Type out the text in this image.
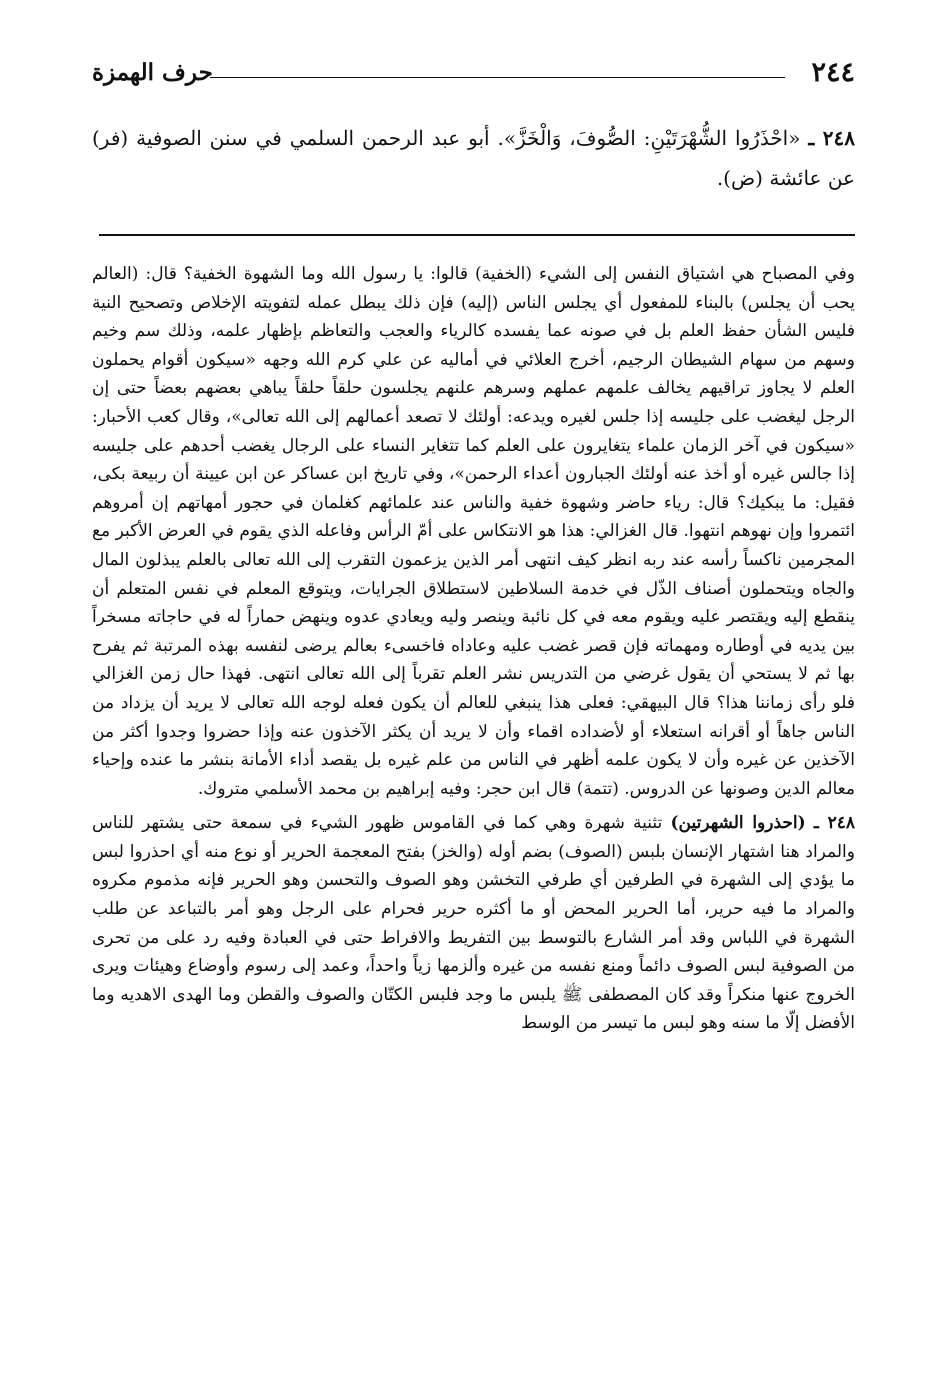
٢٤٤
حرف الهمزة
٢٤٨ ـ «احْذَرُوا الشُّهْرَتَيْنِ: الصُّوفَ، وَالْخَزَّ». أبو عبد الرحمن السلمي في سنن الصوفية (فر) عن عائشة (ض).

وفي المصباح هي اشتياق النفس إلى الشيء (الخفية) قالوا: يا رسول الله وما الشهوة الخفية؟ قال: (العالم يحب أن يجلس) بالبناء للمفعول أي يجلس الناس (إليه) فإن ذلك يبطل عمله لتفويته الإخلاص وتصحيح النية فليس الشأن حفظ العلم بل في صونه عما يفسده كالرياء والعجب والتعاظم بإظهار علمه، وذلك سم وخيم وسهم من سهام الشيطان الرجيم، أخرج العلائي في أماليه عن علي كرم الله وجهه «سيكون أقوام يحملون العلم لا يجاوز تراقيهم يخالف علمهم عملهم وسرهم علنهم يجلسون حلقاً حلقاً يباهي بعضهم بعضاً حتى إن الرجل ليغضب على جليسه إذا جلس لغيره ويدعه: أولئك لا تصعد أعمالهم إلى الله تعالى»، وقال كعب الأحبار: «سيكون في آخر الزمان علماء يتغايرون على العلم كما تتغاير النساء على الرجال يغضب أحدهم على جليسه إذا جالس غيره أو أخذ عنه أولئك الجبارون أعداء الرحمن»، وفي تاريخ ابن عساكر عن ابن عيينة أن ربيعة بكى، فقيل: ما يبكيك؟ قال: رياء حاضر وشهوة خفية والناس عند علمائهم كغلمان في حجور أمهاتهم إن أمروهم ائتمروا وإن نهوهم انتهوا. قال الغزالي: هذا هو الانتكاس على أمّ الرأس وفاعله الذي يقوم في العرض الأكبر مع المجرمين ناكساً رأسه عند ربه انظر كيف انتهى أمر الذين يزعمون التقرب إلى الله تعالى بالعلم يبذلون المال والجاه ويتحملون أصناف الذّل في خدمة السلاطين لاستطلاق الجرايات، ويتوقع المعلم في نفس المتعلم أن ينقطع إليه ويقتصر عليه ويقوم معه في كل نائبة وينصر وليه ويعادي عدوه وينهض حماراً له في حاجاته مسخراً بين يديه في أوطاره ومهماته فإن قصر غضب عليه وعاداه فاخسىء بعالم يرضى لنفسه بهذه المرتبة ثم يفرح بها ثم لا يستحي أن يقول غرضي من التدريس نشر العلم تقرباً إلى الله تعالى انتهى. فهذا حال زمن الغزالي فلو رأى زماننا هذا؟ قال البيهقي: فعلى هذا ينبغي للعالم أن يكون فعله لوجه الله تعالى لا يريد أن يزداد من الناس جاهاً أو أقرانه استعلاء أو لأضداده اقماء وأن لا يريد أن يكثر الآخذون عنه وإذا حضروا وجدوا أكثر من الآخذين عن غيره وأن لا يكون علمه أظهر في الناس من علم غيره بل يقصد أداء الأمانة بنشر ما عنده وإحياء معالم الدين وصونها عن الدروس. (تتمة) قال ابن حجر: وفيه إبراهيم بن محمد الأسلمي متروك.

٢٤٨ ـ (احذروا الشهرتين) تثنية شهرة وهي كما في القاموس ظهور الشيء في سمعة حتى يشتهر للناس والمراد هنا اشتهار الإنسان بلبس (الصوف) بضم أوله (والخز) بفتح المعجمة الحرير أو نوع منه أي احذروا لبس ما يؤدي إلى الشهرة في الطرفين أي طرفي التخشن وهو الصوف والتحسن وهو الحرير فإنه مذموم مكروه والمراد ما فيه حرير، أما الحرير المحض أو ما أكثره حرير فحرام على الرجل وهو أمر بالتباعد عن طلب الشهرة في اللباس وقد أمر الشارع بالتوسط بين التفريط والافراط حتى في العبادة وفيه رد على من تحرى من الصوفية لبس الصوف دائماً ومنع نفسه من غيره وألزمها زياً واحداً، وعمد إلى رسوم وأوضاع وهيئات ويرى الخروج عنها منكراً وقد كان المصطفى ﷺ يلبس ما وجد فلبس الكتّان والصوف والقطن وما الهدى الاهديه وما الأفضل إلّا ما سنه وهو لبس ما تيسر من الوسط
